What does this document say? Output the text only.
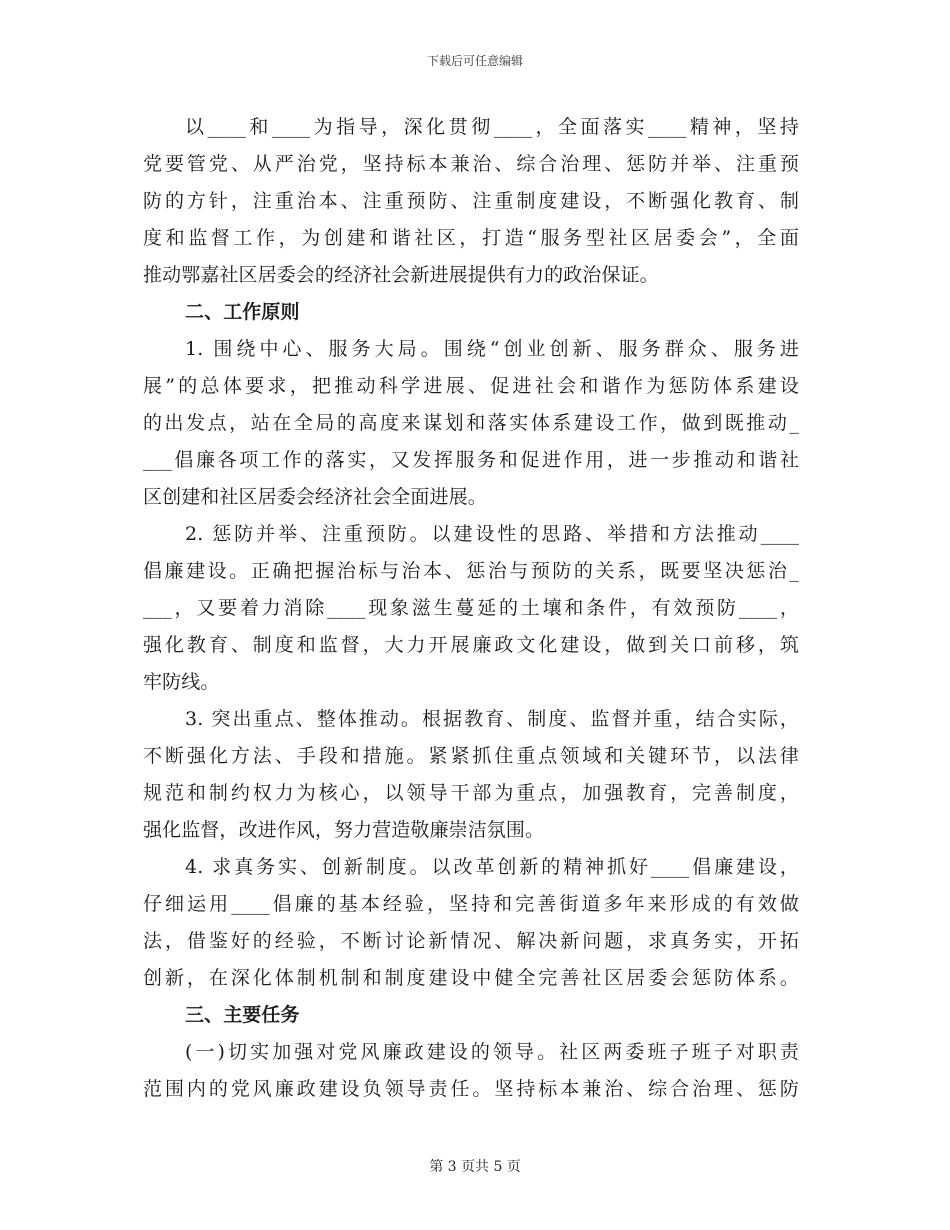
下载后可任意编辑
以____和____为指导，深化贯彻____，全面落实____精神，坚持
党要管党、从严治党，坚持标本兼治、综合治理、惩防并举、注重预
防的方针，注重治本、注重预防、注重制度建设，不断强化教育、制
度和监督工作，为创建和谐社区，打造“服务型社区居委会”，全面
推动鄂嘉社区居委会的经济社会新进展提供有力的政治保证。
二、工作原则
1. 围绕中心、服务大局。围绕“创业创新、服务群众、服务进
展”的总体要求，把推动科学进展、促进社会和谐作为惩防体系建设
的出发点，站在全局的高度来谋划和落实体系建设工作，做到既推动_
___倡廉各项工作的落实，又发挥服务和促进作用，进一步推动和谐社
区创建和社区居委会经济社会全面进展。
2. 惩防并举、注重预防。以建设性的思路、举措和方法推动____
倡廉建设。正确把握治标与治本、惩治与预防的关系，既要坚决惩治_
___，又要着力消除____现象滋生蔓延的土壤和条件，有效预防____，
强化教育、制度和监督，大力开展廉政文化建设，做到关口前移，筑
牢防线。
3. 突出重点、整体推动。根据教育、制度、监督并重，结合实际，
不断强化方法、手段和措施。紧紧抓住重点领域和关键环节，以法律
规范和制约权力为核心，以领导干部为重点，加强教育，完善制度，
强化监督，改进作风，努力营造敬廉崇洁氛围。
4. 求真务实、创新制度。以改革创新的精神抓好____倡廉建设，
仔细运用____倡廉的基本经验，坚持和完善街道多年来形成的有效做
法，借鉴好的经验，不断讨论新情况、解决新问题，求真务实，开拓
创新，在深化体制机制和制度建设中健全完善社区居委会惩防体系。
三、主要任务
(一)切实加强对党风廉政建设的领导。社区两委班子班子对职责
范围内的党风廉政建设负领导责任。坚持标本兼治、综合治理、惩防
第 3 页共 5 页
